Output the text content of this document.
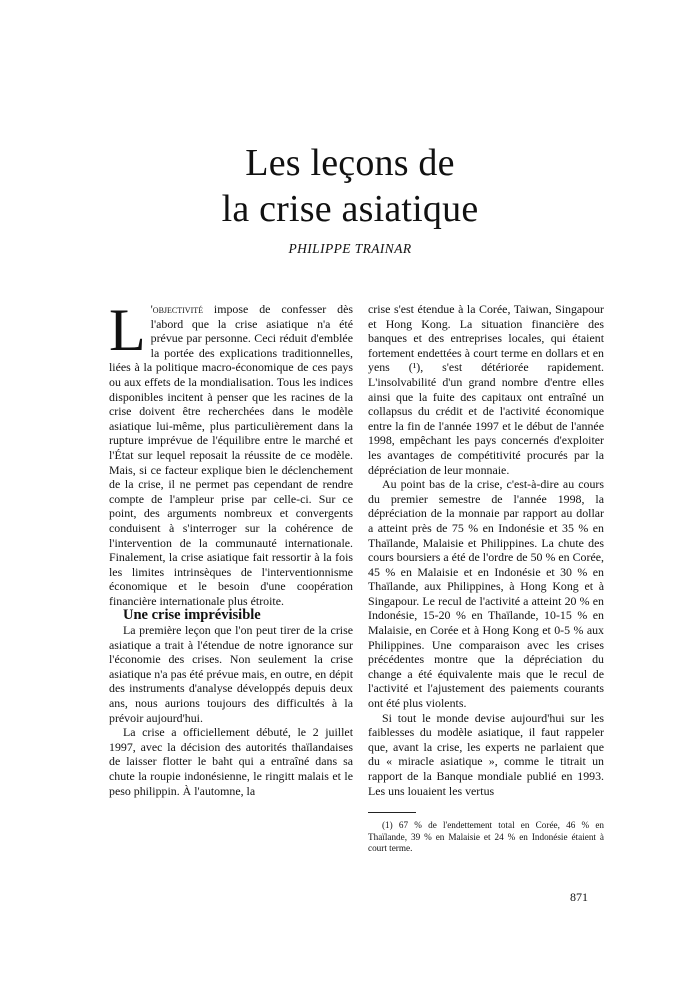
Les leçons de
la crise asiatique
PHILIPPE TRAINAR

L 'objectivité impose de confesser dès l'abord que la crise asiatique n'a été prévue par personne. Ceci réduit d'emblée la portée des explications traditionnelles, liées à la politique macro-économique de ces pays ou aux effets de la mondialisation. Tous les indices disponibles incitent à penser que les racines de la crise doivent être recherchées dans le modèle asiatique lui-même, plus particulièrement dans la rupture imprévue de l'équilibre entre le marché et l'État sur lequel reposait la réussite de ce modèle. Mais, si ce facteur explique bien le déclenchement de la crise, il ne permet pas cependant de rendre compte de l'ampleur prise par celle-ci. Sur ce point, des arguments nombreux et convergents conduisent à s'interroger sur la cohérence de l'intervention de la communauté internationale. Finalement, la crise asiatique fait ressortir à la fois les limites intrinsèques de l'interventionnisme économique et le besoin d'une coopération financière internationale plus étroite.

Une crise imprévisible

La première leçon que l'on peut tirer de la crise asiatique a trait à l'étendue de notre ignorance sur l'économie des crises. Non seulement la crise asiatique n'a pas été prévue mais, en outre, en dépit des instruments d'analyse développés depuis deux ans, nous aurions toujours des difficultés à la prévoir aujourd'hui.

La crise a officiellement débuté, le 2 juillet 1997, avec la décision des autorités thaïlandaises de laisser flotter le baht qui a entraîné dans sa chute la roupie indonésienne, le ringitt malais et le peso philippin. À l'automne, la

crise s'est étendue à la Corée, Taiwan, Singapour et Hong Kong. La situation financière des banques et des entreprises locales, qui étaient fortement endettées à court terme en dollars et en yens (¹), s'est détériorée rapidement. L'insolvabilité d'un grand nombre d'entre elles ainsi que la fuite des capitaux ont entraîné un collapsus du crédit et de l'activité économique entre la fin de l'année 1997 et le début de l'année 1998, empêchant les pays concernés d'exploiter les avantages de compétitivité procurés par la dépréciation de leur monnaie.

Au point bas de la crise, c'est-à-dire au cours du premier semestre de l'année 1998, la dépréciation de la monnaie par rapport au dollar a atteint près de 75 % en Indonésie et 35 % en Thaïlande, Malaisie et Philippines. La chute des cours boursiers a été de l'ordre de 50 % en Corée, 45 % en Malaisie et en Indonésie et 30 % en Thaïlande, aux Philippines, à Hong Kong et à Singapour. Le recul de l'activité a atteint 20 % en Indonésie, 15-20 % en Thaïlande, 10-15 % en Malaisie, en Corée et à Hong Kong et 0-5 % aux Philippines. Une comparaison avec les crises précédentes montre que la dépréciation du change a été équivalente mais que le recul de l'activité et l'ajustement des paiements courants ont été plus violents.

Si tout le monde devise aujourd'hui sur les faiblesses du modèle asiatique, il faut rappeler que, avant la crise, les experts ne parlaient que du « miracle asiatique », comme le titrait un rapport de la Banque mondiale publié en 1993. Les uns louaient les vertus

(1) 67 % de l'endettement total en Corée, 46 % en Thaïlande, 39 % en Malaisie et 24 % en Indonésie étaient à court terme.

871
